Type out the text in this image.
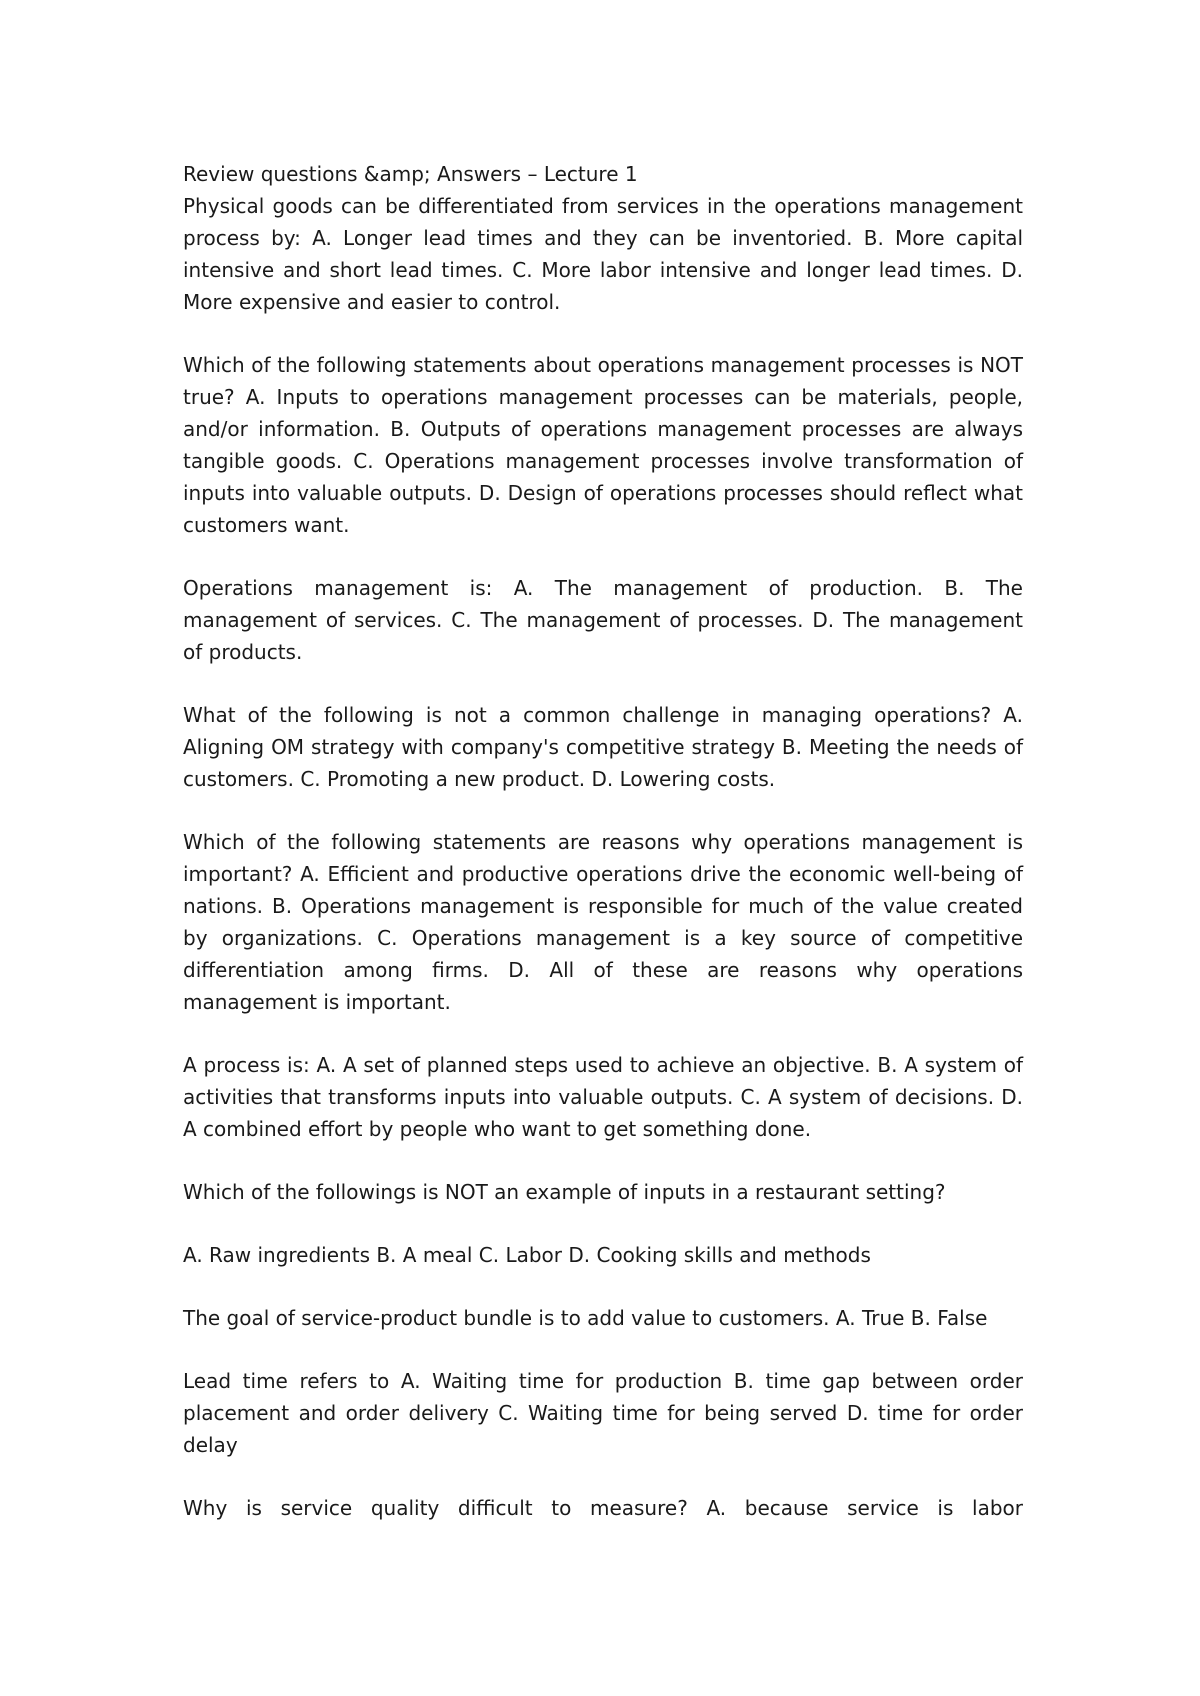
Review questions &amp; Answers – Lecture 1

Physical goods can be differentiated from services in the operations management process by: A. Longer lead times and they can be inventoried. B. More capital intensive and short lead times. C. More labor intensive and longer lead times. D. More expensive and easier to control.

Which of the following statements about operations management processes is NOT true? A. Inputs to operations management processes can be materials, people, and/or information. B. Outputs of operations management processes are always tangible goods. C. Operations management processes involve transformation of inputs into valuable outputs. D. Design of operations processes should reflect what customers want.

Operations management is: A. The management of production. B. The management of services. C. The management of processes. D. The management of products.

What of the following is not a common challenge in managing operations? A. Aligning OM strategy with company's competitive strategy B. Meeting the needs of customers. C. Promoting a new product. D. Lowering costs.

Which of the following statements are reasons why operations management is important? A. Efficient and productive operations drive the economic well-being of nations. B. Operations management is responsible for much of the value created by organizations. C. Operations management is a key source of competitive differentiation among firms. D. All of these are reasons why operations management is important.

A process is: A. A set of planned steps used to achieve an objective. B. A system of activities that transforms inputs into valuable outputs. C. A system of decisions. D. A combined effort by people who want to get something done.

Which of the followings is NOT an example of inputs in a restaurant setting?

A. Raw ingredients B. A meal C. Labor D. Cooking skills and methods

The goal of service-product bundle is to add value to customers. A. True B. False

Lead time refers to A. Waiting time for production B. time gap between order placement and order delivery C. Waiting time for being served D. time for order delay

Why is service quality difficult to measure? A. because service is labor
